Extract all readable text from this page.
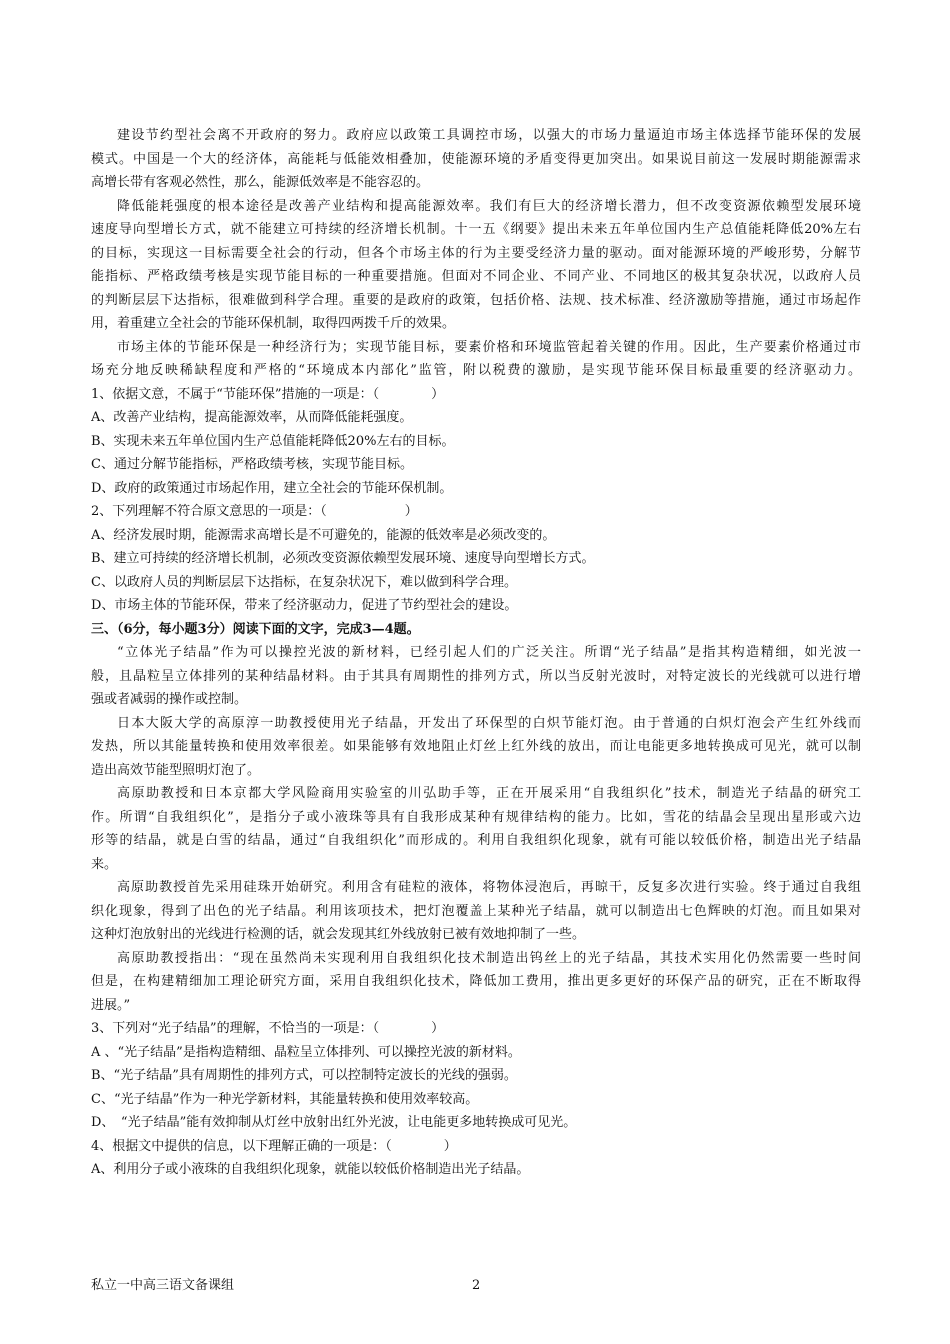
建设节约型社会离不开政府的努力。政府应以政策工具调控市场，以强大的市场力量逼迫市场主体选择节能环保的发展
模式。中国是一个大的经济体，高能耗与低能效相叠加，使能源环境的矛盾变得更加突出。如果说目前这一发展时期能源需求
高增长带有客观必然性，那么，能源低效率是不能容忍的。
降低能耗强度的根本途径是改善产业结构和提高能源效率。我们有巨大的经济增长潜力，但不改变资源依赖型发展环境
速度导向型增长方式，就不能建立可持续的经济增长机制。十一五《纲要》提出未来五年单位国内生产总值能耗降低20%左右
的目标，实现这一目标需要全社会的行动，但各个市场主体的行为主要受经济力量的驱动。面对能源环境的严峻形势，分解节
能指标、严格政绩考核是实现节能目标的一种重要措施。但面对不同企业、不同产业、不同地区的极其复杂状况，以政府人员
的判断层层下达指标，很难做到科学合理。重要的是政府的政策，包括价格、法规、技术标准、经济激励等措施，通过市场起作
用，着重建立全社会的节能环保机制，取得四两拨千斤的效果。
市场主体的节能环保是一种经济行为；实现节能目标，要素价格和环境监管起着关键的作用。因此，生产要素价格通过市
场充分地反映稀缺程度和严格的“环境成本内部化”监管，附以税费的激励，是实现节能环保目标最重要的经济驱动力。
1、依据文意，不属于“节能环保”措施的一项是：（　　　　）
A、改善产业结构，提高能源效率，从而降低能耗强度。
B、实现未来五年单位国内生产总值能耗降低20%左右的目标。
C、通过分解节能指标，严格政绩考核，实现节能目标。
D、政府的政策通过市场起作用，建立全社会的节能环保机制。
2、下列理解不符合原文意思的一项是：（　　　　　　）
A、经济发展时期，能源需求高增长是不可避免的，能源的低效率是必须改变的。
B、建立可持续的经济增长机制，必须改变资源依赖型发展环境、速度导向型增长方式。
C、以政府人员的判断层层下达指标，在复杂状况下，难以做到科学合理。
D、市场主体的节能环保，带来了经济驱动力，促进了节约型社会的建设。
三、（6分，每小题3分）阅读下面的文字，完成3—4题。
“立体光子结晶”作为可以操控光波的新材料，已经引起人们的广泛关注。所谓“光子结晶”是指其构造精细，如光波一
般，且晶粒呈立体排列的某种结晶材料。由于其具有周期性的排列方式，所以当反射光波时，对特定波长的光线就可以进行增
强或者减弱的操作或控制。
日本大阪大学的高原淳一助教授使用光子结晶，开发出了环保型的白炽节能灯泡。由于普通的白炽灯泡会产生红外线而
发热，所以其能量转换和使用效率很差。如果能够有效地阻止灯丝上红外线的放出，而让电能更多地转换成可见光，就可以制
造出高效节能型照明灯泡了。
高原助教授和日本京都大学风险商用实验室的川弘助手等，正在开展采用“自我组织化”技术，制造光子结晶的研究工
作。所谓“自我组织化”，是指分子或小液珠等具有自我形成某种有规律结构的能力。比如，雪花的结晶会呈现出星形或六边
形等的结晶，就是白雪的结晶，通过“自我组织化”而形成的。利用自我组织化现象，就有可能以较低价格，制造出光子结晶
来。
高原助教授首先采用硅珠开始研究。利用含有硅粒的液体，将物体浸泡后，再晾干，反复多次进行实验。终于通过自我组
织化现象，得到了出色的光子结晶。利用该项技术，把灯泡覆盖上某种光子结晶，就可以制造出七色辉映的灯泡。而且如果对
这种灯泡放射出的光线进行检测的话，就会发现其红外线放射已被有效地抑制了一些。
高原助教授指出：“现在虽然尚未实现利用自我组织化技术制造出钨丝上的光子结晶，其技术实用化仍然需要一些时间
但是，在构建精细加工理论研究方面，采用自我组织化技术，降低加工费用，推出更多更好的环保产品的研究，正在不断取得
进展。”
3、下列对“光子结晶”的理解，不恰当的一项是：（　　　　）
A 、“光子结晶”是指构造精细、晶粒呈立体排列、可以操控光波的新材料。
B、“光子结晶”具有周期性的排列方式，可以控制特定波长的光线的强弱。
C、“光子结晶”作为一种光学新材料，其能量转换和使用效率较高。
D、　“光子结晶”能有效抑制从灯丝中放射出红外光波，让电能更多地转换成可见光。
4、根据文中提供的信息，以下理解正确的一项是：（　　　　）
A、利用分子或小液珠的自我组织化现象，就能以较低价格制造出光子结晶。
私立一中高三语文备课组	2
